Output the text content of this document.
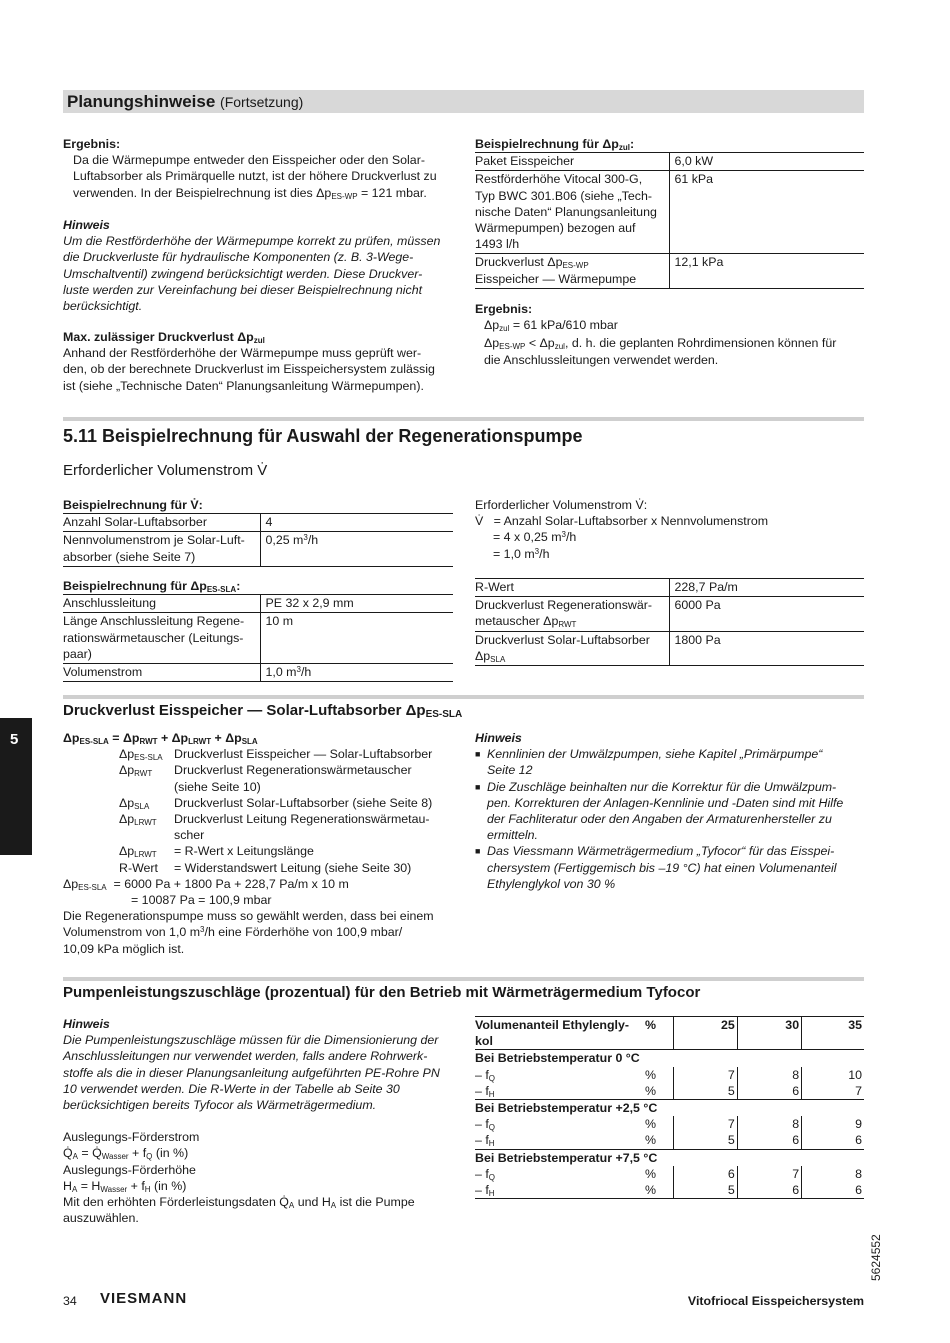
Planungshinweise (Fortsetzung)
Ergebnis:
Da die Wärmepumpe entweder den Eisspeicher oder den Solar-
Luftabsorber als Primärquelle nutzt, ist der höhere Druckverlust zu
verwenden. In der Beispielrechnung ist dies $\Delta p_{ES-WP} = 121$ mbar.
Hinweis
Um die Restförderhöhe der Wärmepumpe korrekt zu prüfen, müssen
die Druckverluste für hydraulische Komponenten (z. B. 3-Wege-
Umschaltventil) zwingend berücksichtigt werden. Diese Druckver-
luste werden zur Vereinfachung bei dieser Beispielrechnung nicht
berücksichtigt.
Max. zulässiger Druckverlust $\Delta p_{zul}$
Anhand der Restförderhöhe der Wärmepumpe muss geprüft wer-
den, ob der berechnete Druckverlust im Eisspeichersystem zulässig
ist (siehe „Technische Daten“ Planungsanleitung Wärmepumpen).
Beispielrechnung für $\Delta p_{zul}$:
Paket Eisspeicher	6,0 kW
Restförderhöhe Vitocal 300-G,
Typ BWC 301.B06 (siehe „Tech-
nische Daten“ Planungsanleitung
Wärmepumpen) bezogen auf
1493 l/h	61 kPa
Druckverlust $\Delta p_{ES-WP}$
Eisspeicher — Wärmepumpe	12,1 kPa
Ergebnis:
$\Delta p_{zul} = 61$ kPa/610 mbar
$\Delta p_{ES-WP} < \Delta p_{zul}$, d. h. die geplanten Rohrdimensionen können für
die Anschlussleitungen verwendet werden.
5.11 Beispielrechnung für Auswahl der Regenerationspumpe
Erforderlicher Volumenstrom V̇
Beispielrechnung für V̇:
Anzahl Solar-Luftabsorber	4
Nennvolumenstrom je Solar-Luft-
absorber (siehe Seite 7)	0,25 $m^3/h$
Erforderlicher Volumenstrom V̇:
V̇   = Anzahl Solar-Luftabsorber x Nennvolumenstrom
= 4 x 0,25 $m^3/h$
= 1,0 $m^3/h$
Beispielrechnung für $\Delta p_{ES-SLA}$:
Anschlussleitung	PE 32 x 2,9 mm
Länge Anschlussleitung Regene-
rationswärmetauscher (Leitungs-
paar)	10 m
Volumenstrom	1,0 $m^3/h$
R-Wert	228,7 Pa/m
Druckverlust Regenerationswär-
metauscher $\Delta p_{RWT}$	6000 Pa
Druckverlust Solar-Luftabsorber
$\Delta p_{SLA}$	1800 Pa
Druckverlust Eisspeicher — Solar-Luftabsorber $\Delta p_{ES-SLA}$
5	$\Delta p_{ES-SLA} = \Delta p_{RWT} + \Delta p_{LRWT} + \Delta p_{SLA}$
$\Delta p_{ES-SLA}$	Druckverlust Eisspeicher — Solar-Luftabsorber
$\Delta p_{RWT}$	Druckverlust Regenerationswärmetauscher
(siehe Seite 10)
$\Delta p_{SLA}$	Druckverlust Solar-Luftabsorber (siehe Seite 8)
$\Delta p_{LRWT}$	Druckverlust Leitung Regenerationswärmetau-
scher
$\Delta p_{LRWT}$	= R-Wert x Leitungslänge
R-Wert	= Widerstandswert Leitung (siehe Seite 30)
$\Delta p_{ES-SLA} = 6000$ Pa + 1800 Pa + 228,7 Pa/m x 10 m
= 10087 Pa = 100,9 mbar
Die Regenerationspumpe muss so gewählt werden, dass bei einem
Volumenstrom von 1,0 $m^3/h$ eine Förderhöhe von 100,9 mbar/
10,09 kPa möglich ist.
Hinweis
■ Kennlinien der Umwälzpumpen, siehe Kapitel „Primärpumpe“
Seite 12
■ Die Zuschläge beinhalten nur die Korrektur für die Umwälzpum-
pen. Korrekturen der Anlagen-Kennlinie und -Daten sind mit Hilfe
der Fachliteratur oder den Angaben der Armaturenhersteller zu
ermitteln.
■ Das Viessmann Wärmeträgermedium „Tyfocor“ für das Eisspei-
chersystem (Fertiggemisch bis –19 °C) hat einen Volumenanteil
Ethylenglykol von 30 %
Pumpenleistungszuschläge (prozentual) für den Betrieb mit Wärmeträgermedium Tyfocor
Hinweis
Die Pumpenleistungszuschläge müssen für die Dimensionierung der
Anschlussleitungen nur verwendet werden, falls andere Rohrwerk-
stoffe als die in dieser Planungsanleitung aufgeführten PE-Rohre PN
10 verwendet werden. Die R-Werte in der Tabelle ab Seite 30
berücksichtigen bereits Tyfocor als Wärmeträgermedium.
Auslegungs-Förderstrom
$Q̇_A$ = $Q̇_{Wasser} + f_Q$ (in %)
Auslegungs-Förderhöhe
$H_A = H_{Wasser} + f_H$ (in %)
Mit den erhöhten Förderleistungsdaten $Q̇_A$ und $H_A$ ist die Pumpe
auszuwählen.
Volumenanteil Ethylengly-
kol	%	25	30	35
Bei Betriebstemperatur 0 °C				
– $f_Q$	%	7	8	10
– $f_H$	%	5	6	7
Bei Betriebstemperatur +2,5 °C				
– $f_Q$	%	7	8	9
– $f_H$	%	5	6	6
Bei Betriebstemperatur +7,5 °C				
– $f_Q$	%	6	7	8
– $f_H$	%	5	6	6
5624552
34 VIESMANN	Vitofriocal Eisspeichersystem
